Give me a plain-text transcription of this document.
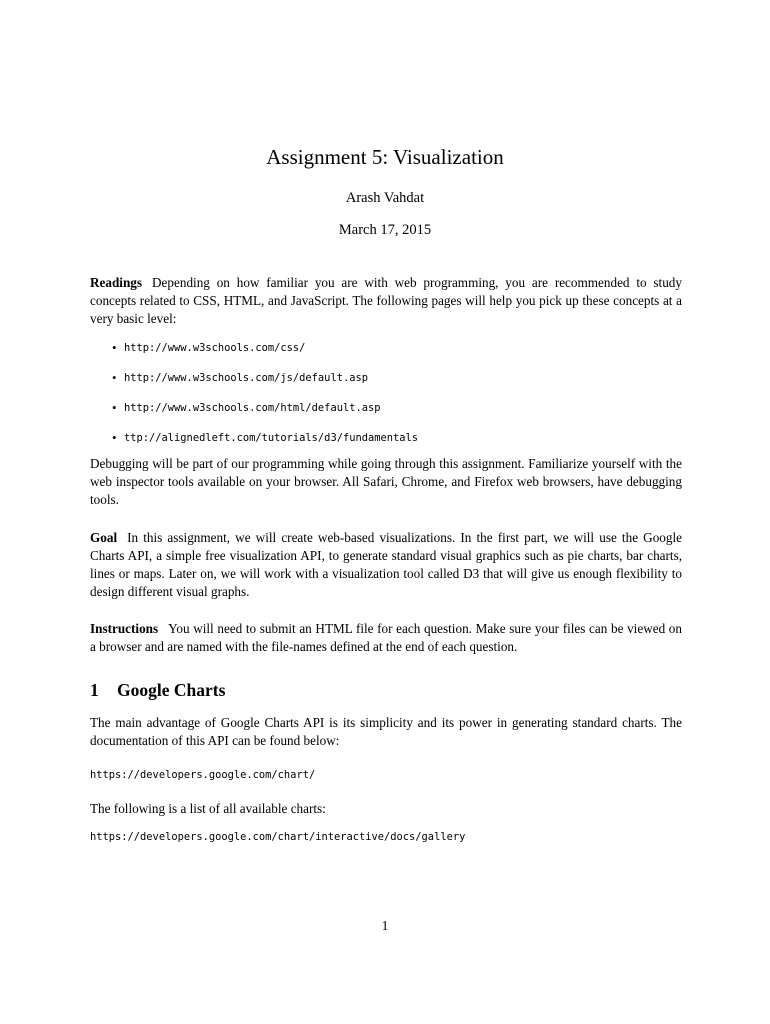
Assignment 5: Visualization
Arash Vahdat
March 17, 2015
Readings Depending on how familiar you are with web programming, you are recommended to study concepts related to CSS, HTML, and JavaScript. The following pages will help you pick up these concepts at a very basic level:
• http://www.w3schools.com/css/
• http://www.w3schools.com/js/default.asp
• http://www.w3schools.com/html/default.asp
• ttp://alignedleft.com/tutorials/d3/fundamentals
Debugging will be part of our programming while going through this assignment. Familiarize yourself with the web inspector tools available on your browser. All Safari, Chrome, and Firefox web browsers, have debugging tools.
Goal In this assignment, we will create web-based visualizations. In the first part, we will use the Google Charts API, a simple free visualization API, to generate standard visual graphics such as pie charts, bar charts, lines or maps. Later on, we will work with a visualization tool called D3 that will give us enough flexibility to design different visual graphs.
Instructions You will need to submit an HTML file for each question. Make sure your files can be viewed on a browser and are named with the file-names defined at the end of each question.
1 Google Charts
The main advantage of Google Charts API is its simplicity and its power in generating standard charts. The documentation of this API can be found below:
https://developers.google.com/chart/
The following is a list of all available charts:
https://developers.google.com/chart/interactive/docs/gallery
1
